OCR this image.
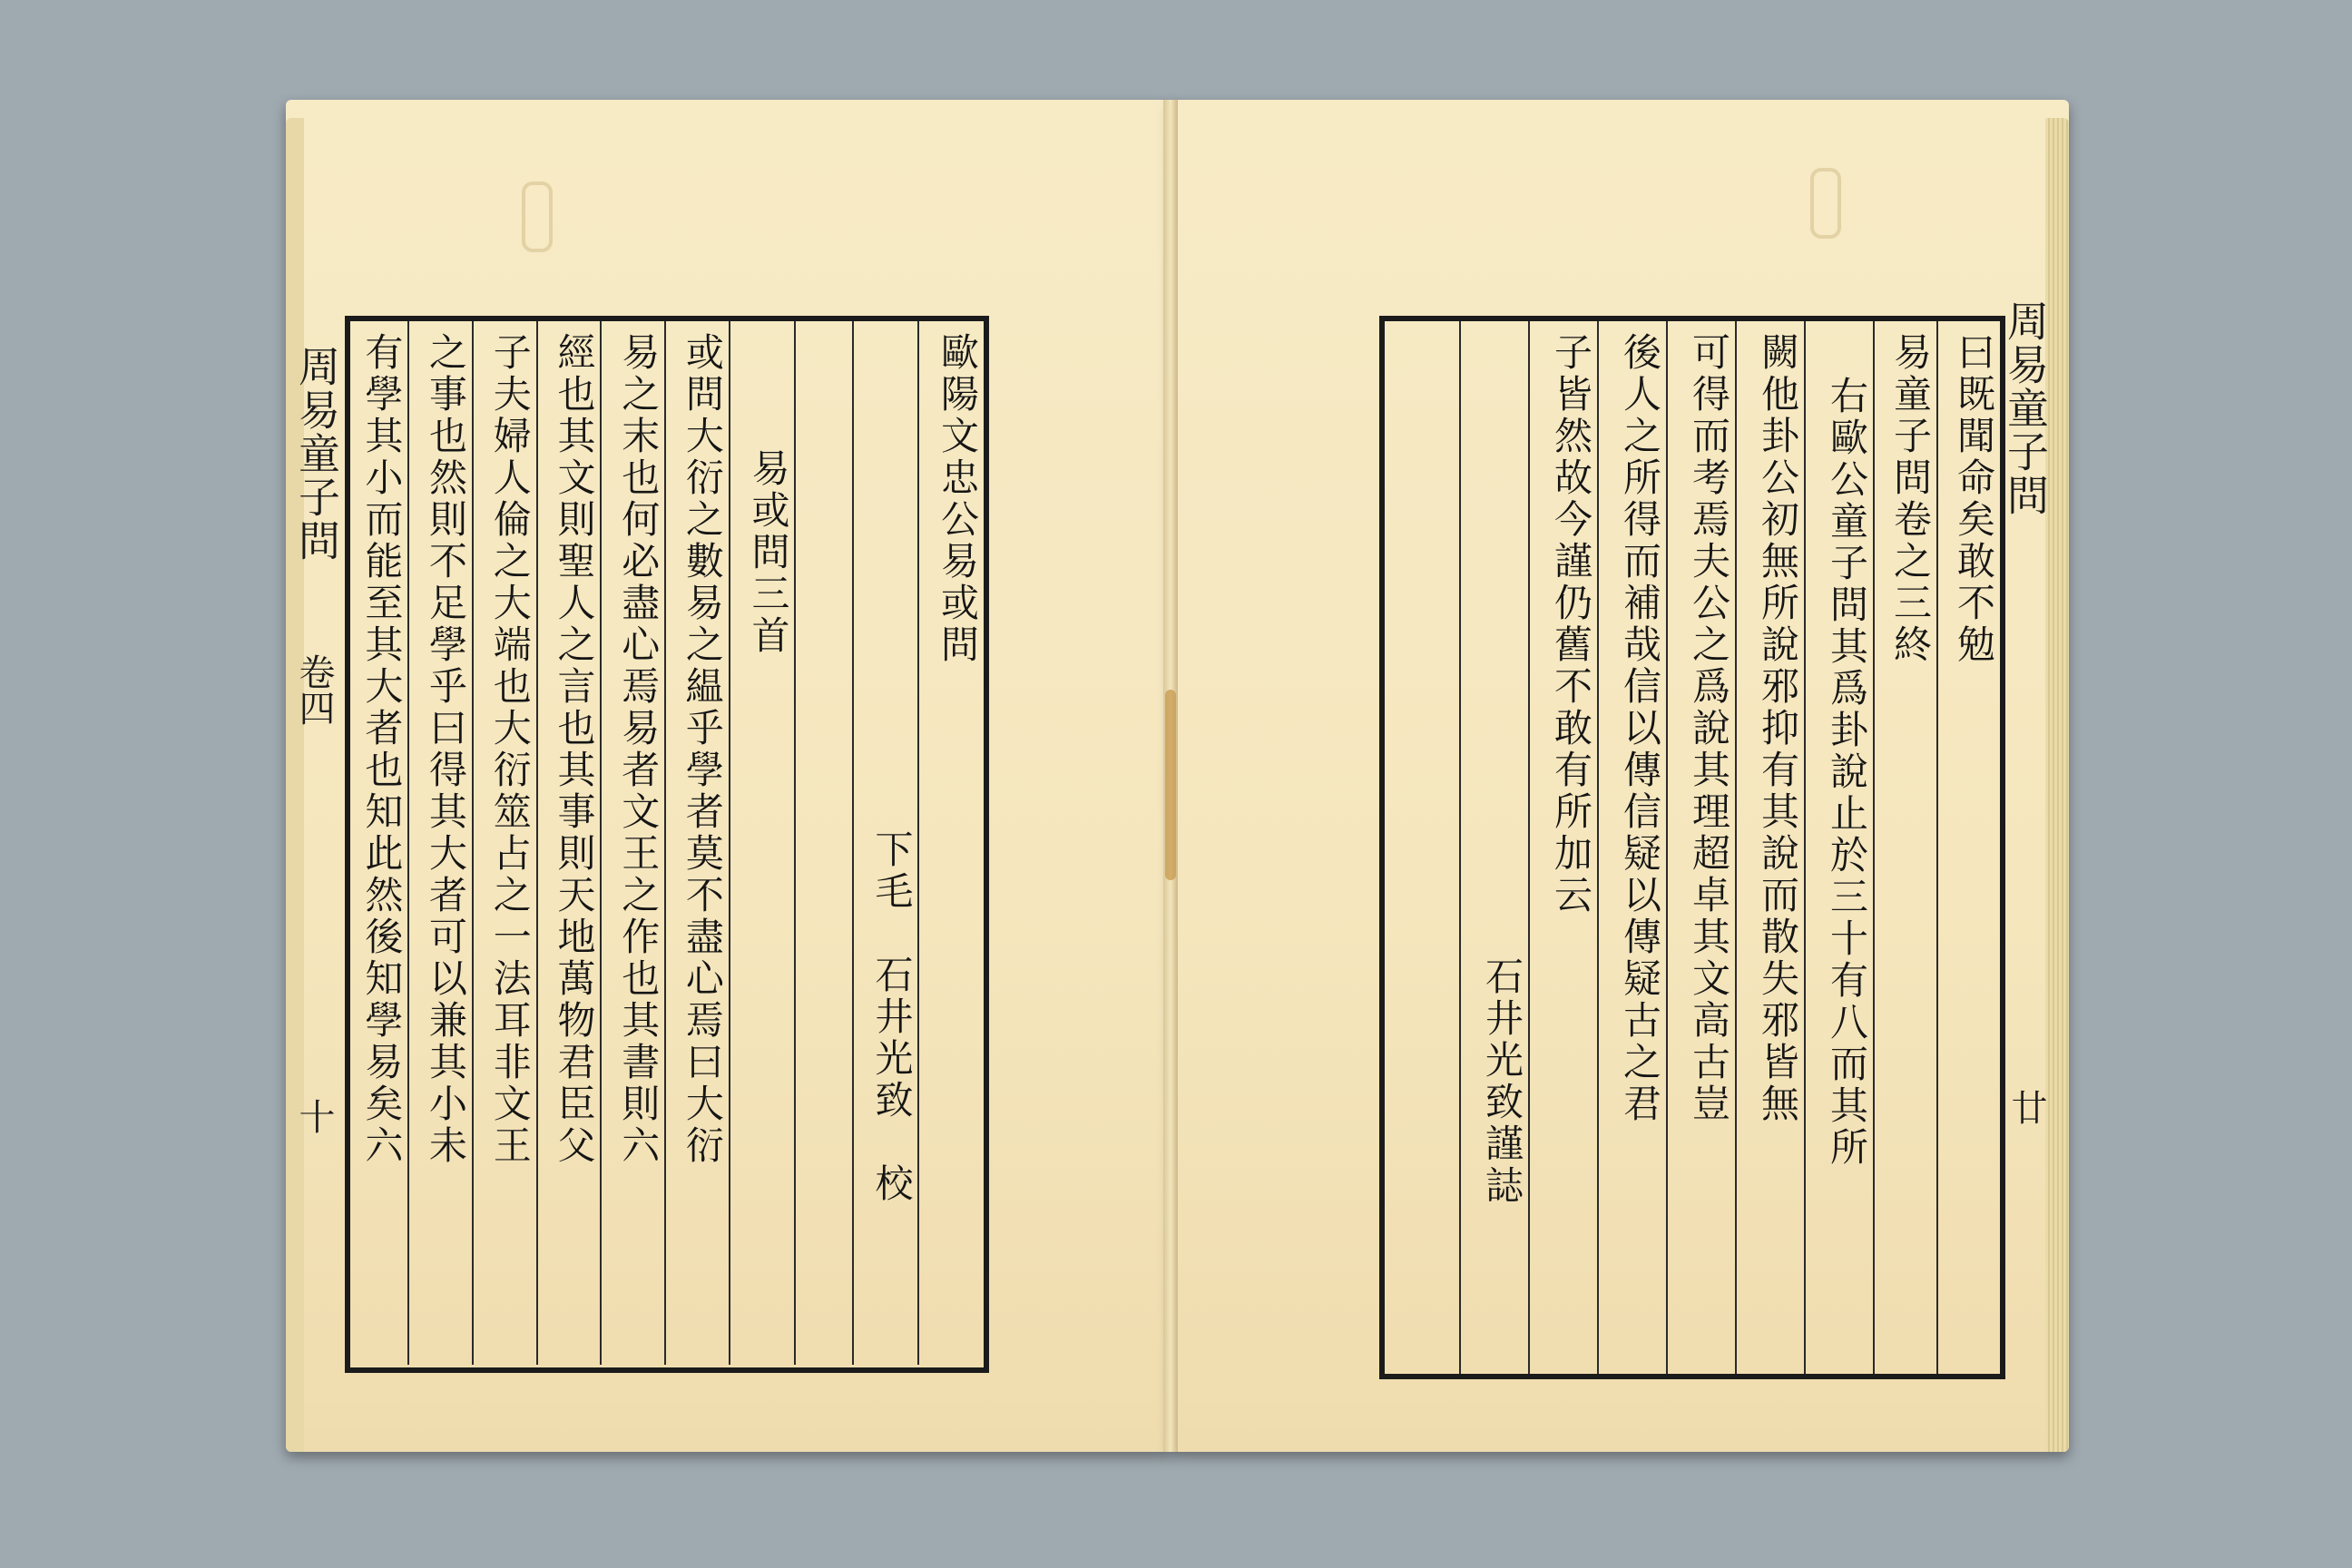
周易童子問
卷四
十
歐陽文忠公易或問
下毛　石井光致　校
易或問三首
或問大衍之數易之緼乎學者莫不盡心焉曰大衍
易之末也何必盡心焉易者文王之作也其書則六
經也其文則聖人之言也其事則天地萬物君臣父
子夫婦人倫之大端也大衍筮占之一法耳非文王
之事也然則不足學乎曰得其大者可以兼其小未
有學其小而能至其大者也知此然後知學易矣六	周易童子問
廿
曰既聞命矣敢不勉
易童子問卷之三終
右歐公童子問其爲卦說止於三十有八而其所
闕他卦公初無所說邪抑有其說而散失邪皆無
可得而考焉夫公之爲說其理超卓其文高古豈
後人之所得而補哉信以傳信疑以傳疑古之君
子皆然故今謹仍舊不敢有所加云
石井光致謹誌
